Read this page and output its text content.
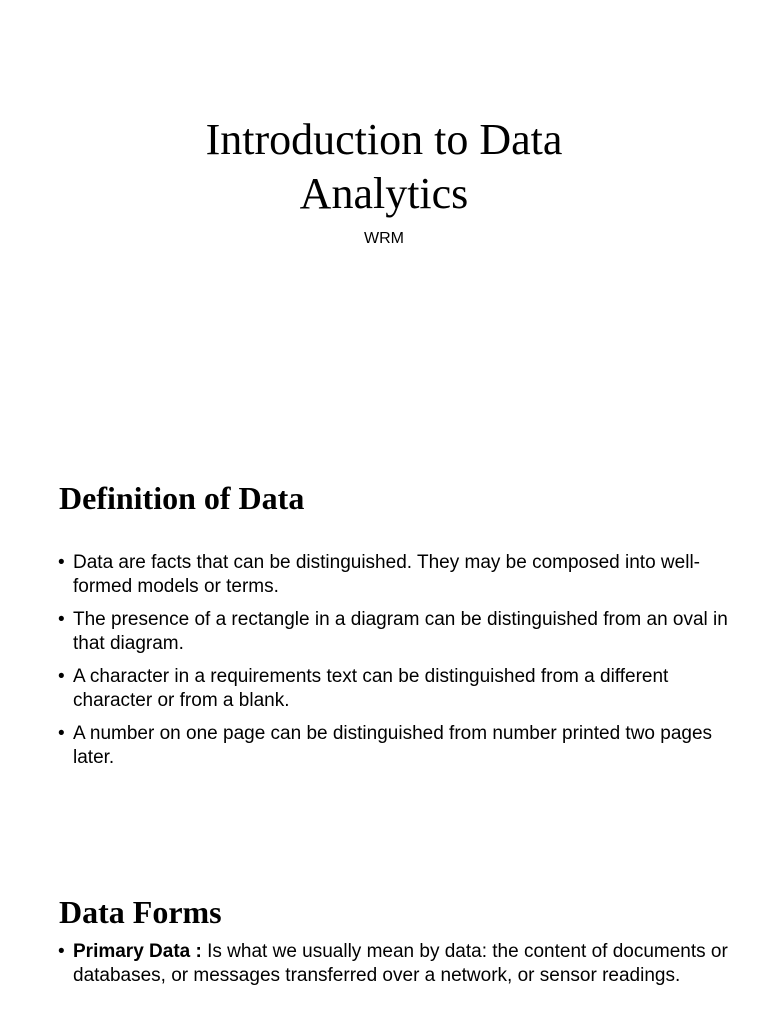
Introduction to Data
Analytics

WRM

Definition of Data
• Data are facts that can be distinguished. They may be composed into well-formed models or terms.
• The presence of a rectangle in a diagram can be distinguished from an oval in that diagram.
• A character in a requirements text can be distinguished from a different character or from a blank.
• A number on one page can be distinguished from number printed two pages later.
Data Forms
• Primary Data : Is what we usually mean by data: the content of documents or databases, or messages transferred over a network, or sensor readings.
